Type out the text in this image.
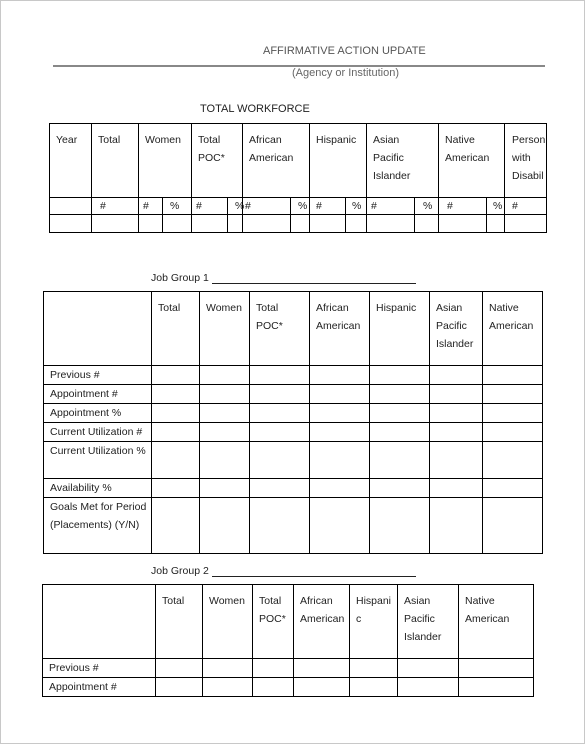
AFFIRMATIVE ACTION UPDATE
(Agency or Institution)
TOTAL WORKFORCE
Year	Total	Women		Total POC*		African American		Hispanic		Asian Pacific Islander		Native American		Person with Disabil
	#	#	%	#	%	#	%	#	%	#	%	#	%	#

Job Group 1
	Total	Women	Total POC*	African American	Hispanic	Asian Pacific Islander	Native American
Previous #							
Appointment #							
Appointment %							
Current Utilization #							
Current Utilization %							
Availability %							
Goals Met for Period (Placements) (Y/N)							
Job Group 2
	Total	Women	Total POC*	African American	Hispanic	Asian Pacific Islander	Native American
Previous #							
Appointment #							
